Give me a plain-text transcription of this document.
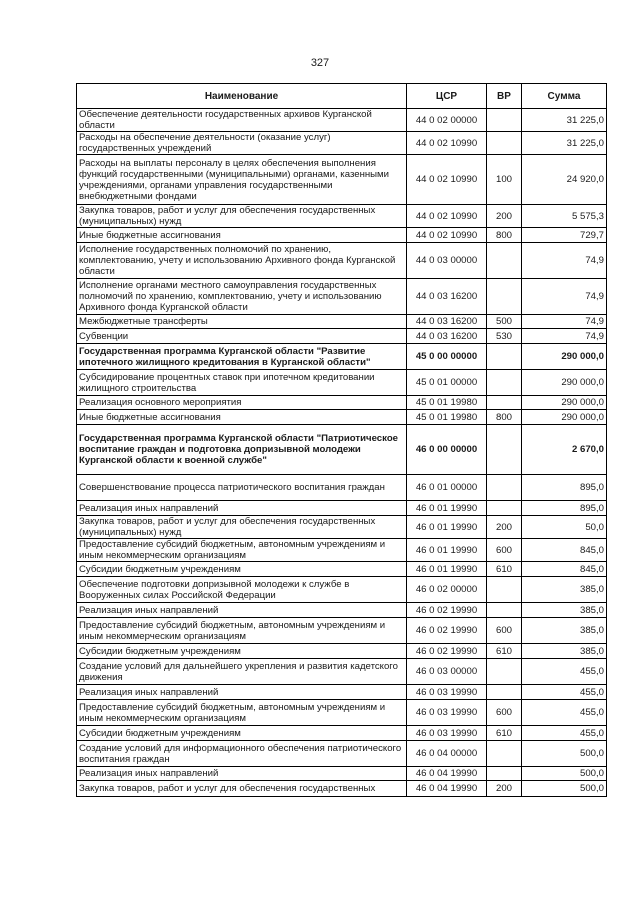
327
Наименование	ЦСР	ВР	Сумма
Обеспечение деятельности государственных архивов Курганской области	44 0 02 00000		31 225,0
Расходы на обеспечение деятельности (оказание услуг) государственных учреждений	44 0 02 10990		31 225,0
Расходы на выплаты персоналу в целях обеспечения выполнения функций государственными (муниципальными) органами, казенными учреждениями, органами управления государственными внебюджетными фондами	44 0 02 10990	100	24 920,0
Закупка товаров, работ и услуг для обеспечения государственных (муниципальных) нужд	44 0 02 10990	200	5 575,3
Иные бюджетные ассигнования	44 0 02 10990	800	729,7
Исполнение государственных полномочий по хранению, комплектованию, учету и использованию Архивного фонда Курганской области	44 0 03 00000		74,9
Исполнение органами местного самоуправления государственных полномочий по хранению, комплектованию, учету и использованию Архивного фонда Курганской области	44 0 03 16200		74,9
Межбюджетные трансферты	44 0 03 16200	500	74,9
Субвенции	44 0 03 16200	530	74,9
Государственная программа Курганской области "Развитие ипотечного жилищного кредитования в Курганской области"	45 0 00 00000		290 000,0
Субсидирование процентных ставок при ипотечном кредитовании жилищного строительства	45 0 01 00000		290 000,0
Реализация основного мероприятия	45 0 01 19980		290 000,0
Иные бюджетные ассигнования	45 0 01 19980	800	290 000,0
Государственная программа Курганской области "Патриотическое воспитание граждан и подготовка допризывной молодежи Курганской области к военной службе"	46 0 00 00000		2 670,0
Совершенствование процесса патриотического воспитания граждан	46 0 01 00000		895,0
Реализация иных направлений	46 0 01 19990		895,0
Закупка товаров, работ и услуг для обеспечения государственных (муниципальных) нужд	46 0 01 19990	200	50,0
Предоставление субсидий бюджетным, автономным учреждениям и иным некоммерческим организациям	46 0 01 19990	600	845,0
Субсидии бюджетным учреждениям	46 0 01 19990	610	845,0
Обеспечение подготовки допризывной молодежи к службе в Вооруженных силах Российской Федерации	46 0 02 00000		385,0
Реализация иных направлений	46 0 02 19990		385,0
Предоставление субсидий бюджетным, автономным учреждениям и иным некоммерческим организациям	46 0 02 19990	600	385,0
Субсидии бюджетным учреждениям	46 0 02 19990	610	385,0
Создание условий для дальнейшего укрепления и развития кадетского движения	46 0 03 00000		455,0
Реализация иных направлений	46 0 03 19990		455,0
Предоставление субсидий бюджетным, автономным учреждениям и иным некоммерческим организациям	46 0 03 19990	600	455,0
Субсидии бюджетным учреждениям	46 0 03 19990	610	455,0
Создание условий для информационного обеспечения патриотического воспитания граждан	46 0 04 00000		500,0
Реализация иных направлений	46 0 04 19990		500,0
Закупка товаров, работ и услуг для обеспечения государственных	46 0 04 19990	200	500,0
